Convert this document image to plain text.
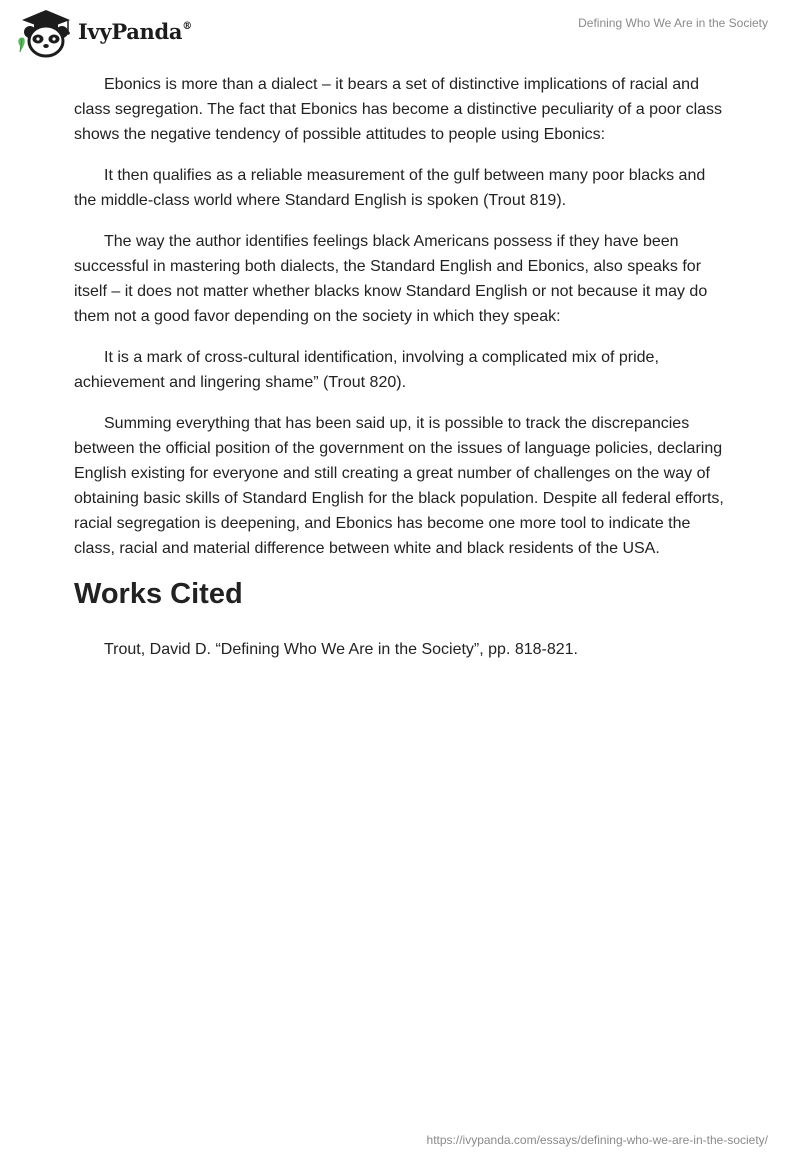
IvyPanda®	Defining Who We Are in the Society

Ebonics is more than a dialect – it bears a set of distinctive implications of racial and class segregation. The fact that Ebonics has become a distinctive peculiarity of a poor class shows the negative tendency of possible attitudes to people using Ebonics:

It then qualifies as a reliable measurement of the gulf between many poor blacks and the middle-class world where Standard English is spoken (Trout 819).

The way the author identifies feelings black Americans possess if they have been successful in mastering both dialects, the Standard English and Ebonics, also speaks for itself – it does not matter whether blacks know Standard English or not because it may do them not a good favor depending on the society in which they speak:

It is a mark of cross-cultural identification, involving a complicated mix of pride, achievement and lingering shame” (Trout 820).

Summing everything that has been said up, it is possible to track the discrepancies between the official position of the government on the issues of language policies, declaring English existing for everyone and still creating a great number of challenges on the way of obtaining basic skills of Standard English for the black population. Despite all federal efforts, racial segregation is deepening, and Ebonics has become one more tool to indicate the class, racial and material difference between white and black residents of the USA.

Works Cited

Trout, David D. “Defining Who We Are in the Society”, pp. 818-821.

https://ivypanda.com/essays/defining-who-we-are-in-the-society/
